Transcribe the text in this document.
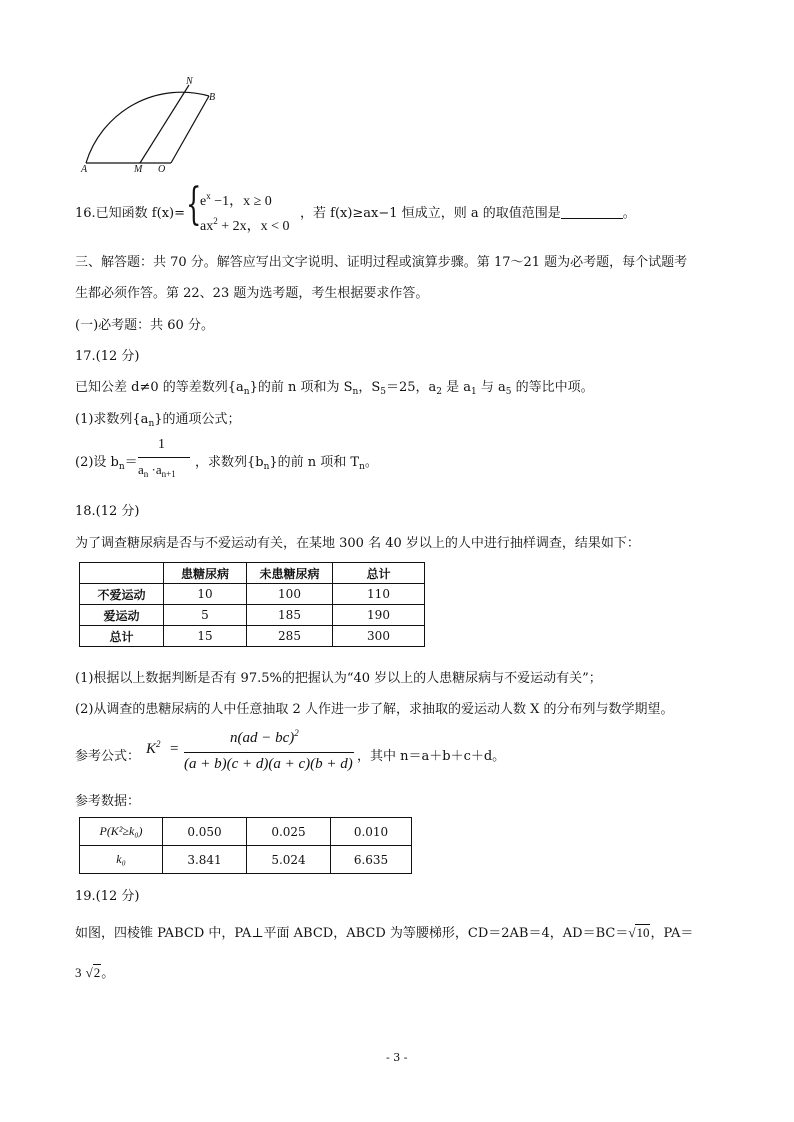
N
B
A	M O
16.已知函数 f(x)= {
$e^x -1$，x ≥ 0
$ax^2 + 2x$，x < 0
，若 f(x)≥ax−1 恒成立，则 a 的取值范围是	。
三、解答题：共 70 分。解答应写出文字说明、证明过程或演算步骤。第 17～21 题为必考题，每个试题考
生都必须作答。第 22、23 题为选考题，考生根据要求作答。
(一)必考题：共 60 分。
17.(12 分)
已知公差 d≠0 的等差数列$\{a_n\}$的前 n 项和为 $S_n$，$S_5=25$，$a_2$ 是 $a_1$ 与 $a_5$ 的等比中项。
(1)求数列$\{a_n\}$的通项公式；
(2)设 $b_n=$
1
$a_n \cdot a_{n+1}$
，求数列$\{b_n\}$的前 n 项和 $T_n$。
18.(12 分)
为了调查糖尿病是否与不爱运动有关，在某地 300 名 40 岁以上的人中进行抽样调查，结果如下：
	患糖尿病	未患糖尿病	总计
不爱运动	10	100	110
爱运动	5	185	190
总计	15	285	300
(1)根据以上数据判断是否有 97.5%的把握认为“40 岁以上的人患糖尿病与不爱运动有关”；
(2)从调查的患糖尿病的人中任意抽取 2 人作进一步了解，求抽取的爱运动人数 X 的分布列与数学期望。
参考公式： $K^2$ =
n(ad − bc)$^2$
(a + b)(c + d)(a + c)(b + d) ，其中 n＝a＋b＋c＋d。
参考数据：
P(K²≥k₀)	0.050	0.025	0.010
k₀	3.841	5.024	6.635
19.(12 分)
如图，四棱锥 PABCD 中，PA⊥平面 ABCD，ABCD 为等腰梯形，CD＝2AB＝4，AD＝BC＝√10，PA＝
3 √2。
- 3 -
